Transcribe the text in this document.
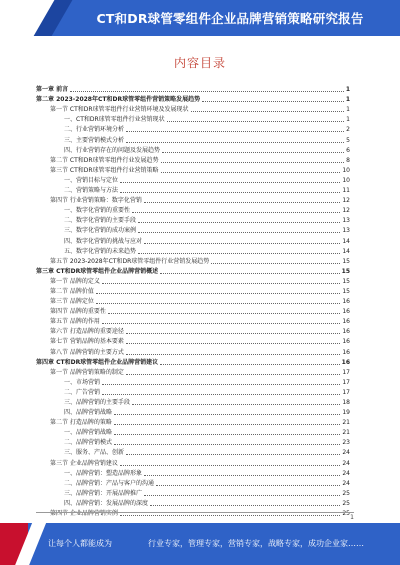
CT和DR球管零组件企业品牌营销策略研究报告
内容目录
第一章 前言	1
第二章 2023-2028年CT和DR球管零组件营销策略发展趋势	1
第一节 CT和DR球管零组件行业营销环境及发展现状	1
一、CT和DR球管零组件行业营销现状	1
二、行业营销环境分析	2
三、主要营销模式分析	5
四、行业营销存在的问题及发展趋势	6
第二节 CT和DR球管零组件行业发展趋势	8
第三节 CT和DR球管零组件行业营销策略	10
一、营销目标与定位	10
二、营销策略与方法	11
第四节 行业营销策略：数字化营销	12
一、数字化营销的重要性	12
二、数字化营销的主要手段	13
三、数字化营销的成功案例	13
四、数字化营销的挑战与应对	14
五、数字化营销的未来趋势	14
第五节 2023-2028年CT和DR球管零组件行业营销发展趋势	15
第三章 CT和DR球管零组件企业品牌营销概述	15
第一节 品牌的定义	15
第二节 品牌价值	15
第三节 品牌定位	16
第四节 品牌的重要性	16
第五节 品牌的作用	16
第六节 打造品牌的重要途径	16
第七节 营销品牌的基本要素	16
第八节 品牌营销的主要方式	16
第四章 CT和DR球管零组件企业品牌营销建议	16
第一节 品牌营销策略的制定	17
一、市场营销	17
二、广告营销	17
三、品牌营销的主要手段	18
四、品牌营销战略	19
第二节 打造品牌的策略	21
一、品牌营销战略	21
二、品牌营销模式	23
三、服务、产品、创新	24
第三节 企业品牌营销建议	24
一、品牌营销：塑造品牌形象	24
二、品牌营销：产品与客户的沟通	24
三、品牌营销：开展品牌推广	25
四、品牌营销：发展品牌的深度	25
第四节 企业品牌营销实例	25
1
让每个人都能成为	行业专家，管理专家，营销专家，战略专家，成功企业家……
